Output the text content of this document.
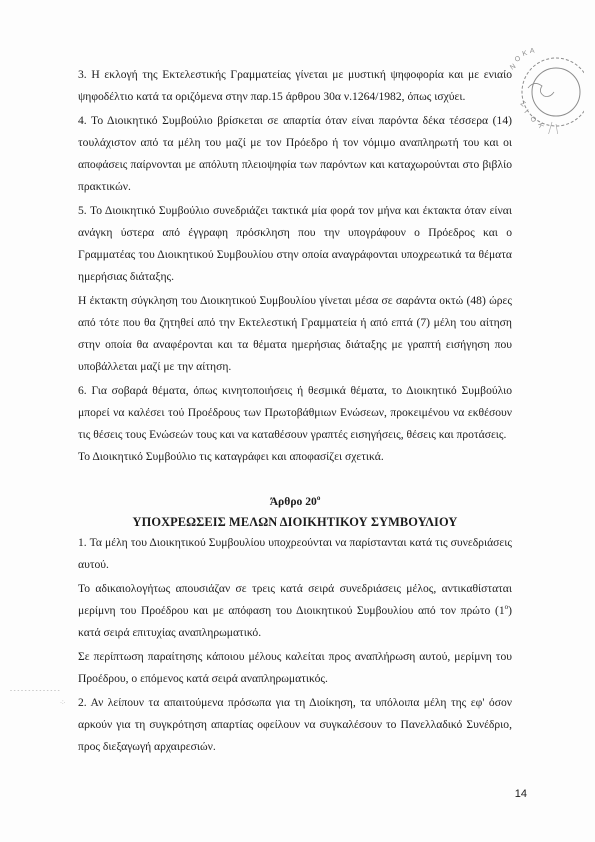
Ν
Ο
Κ Α
Σ
Ι
Ο
Κ

3. Η εκλογή της Εκτελεστικής Γραμματείας γίνεται με μυστική ψηφοφορία και με ενιαίο ψηφοδέλτιο κατά τα οριζόμενα στην παρ.15 άρθρου 30α ν.1264/1982, όπως ισχύει.

4. Το Διοικητικό Συμβούλιο βρίσκεται σε απαρτία όταν είναι παρόντα δέκα τέσσερα (14) τουλάχιστον από τα μέλη του μαζί με τον Πρόεδρο ή τον νόμιμο αναπληρωτή του και οι αποφάσεις παίρνονται με απόλυτη πλειοψηφία των παρόντων και καταχωρούνται στο βιβλίο πρακτικών.

5. Το Διοικητικό Συμβούλιο συνεδριάζει τακτικά μία φορά τον μήνα και έκτακτα όταν είναι ανάγκη ύστερα από έγγραφη πρόσκληση που την υπογράφουν ο Πρόεδρος και ο Γραμματέας του Διοικητικού Συμβουλίου στην οποία αναγράφονται υποχρεωτικά τα θέματα ημερήσιας διάταξης.

Η έκτακτη σύγκληση του Διοικητικού Συμβουλίου γίνεται μέσα σε σαράντα οκτώ (48) ώρες από τότε που θα ζητηθεί από την Εκτελεστική Γραμματεία ή από επτά (7) μέλη του αίτηση στην οποία θα αναφέρονται και τα θέματα ημερήσιας διάταξης με γραπτή εισήγηση που υποβάλλεται μαζί με την αίτηση.

6. Για σοβαρά θέματα, όπως κινητοποιήσεις ή θεσμικά θέματα, το Διοικητικό Συμβούλιο μπορεί να καλέσει τού Προέδρους των Πρωτοβάθμιων Ενώσεων, προκειμένου να εκθέσουν τις θέσεις τους Ενώσεών τους και να καταθέσουν γραπτές εισηγήσεις, θέσεις και προτάσεις.

Το Διοικητικό Συμβούλιο τις καταγράφει και αποφασίζει σχετικά.

Άρθρο $20^o$

ΥΠΟΧΡΕΩΣΕΙΣ ΜΕΛΩΝ ΔΙΟΙΚΗΤΙΚΟΥ ΣΥΜΒΟΥΛΙΟΥ

1. Τα μέλη του Διοικητικού Συμβουλίου υποχρεούνται να παρίστανται κατά τις συνεδριάσεις αυτού.

Το αδικαιολογήτως απουσιάζαν σε τρεις κατά σειρά συνεδριάσεις μέλος, αντικαθίσταται μερίμνη του Προέδρου και με απόφαση του Διοικητικού Συμβουλίου από τον πρώτο $(1^o)$ κατά σειρά επιτυχίας αναπληρωματικό.

Σε περίπτωση παραίτησης κάποιου μέλους καλείται προς αναπλήρωση αυτού, μερίμνη του Προέδρου, ο επόμενος κατά σειρά αναπληρωματικός.

2. Αν λείπουν τα απαιτούμενα πρόσωπα για τη Διοίκηση, τα υπόλοιπα μέλη της εφ' όσον αρκούν για τη συγκρότηση απαρτίας οφείλουν να συγκαλέσουν το Πανελλαδικό Συνέδριο, προς διεξαγωγή αρχαιρεσιών.

- - - - - - - - - - - - - -
·:·
14
